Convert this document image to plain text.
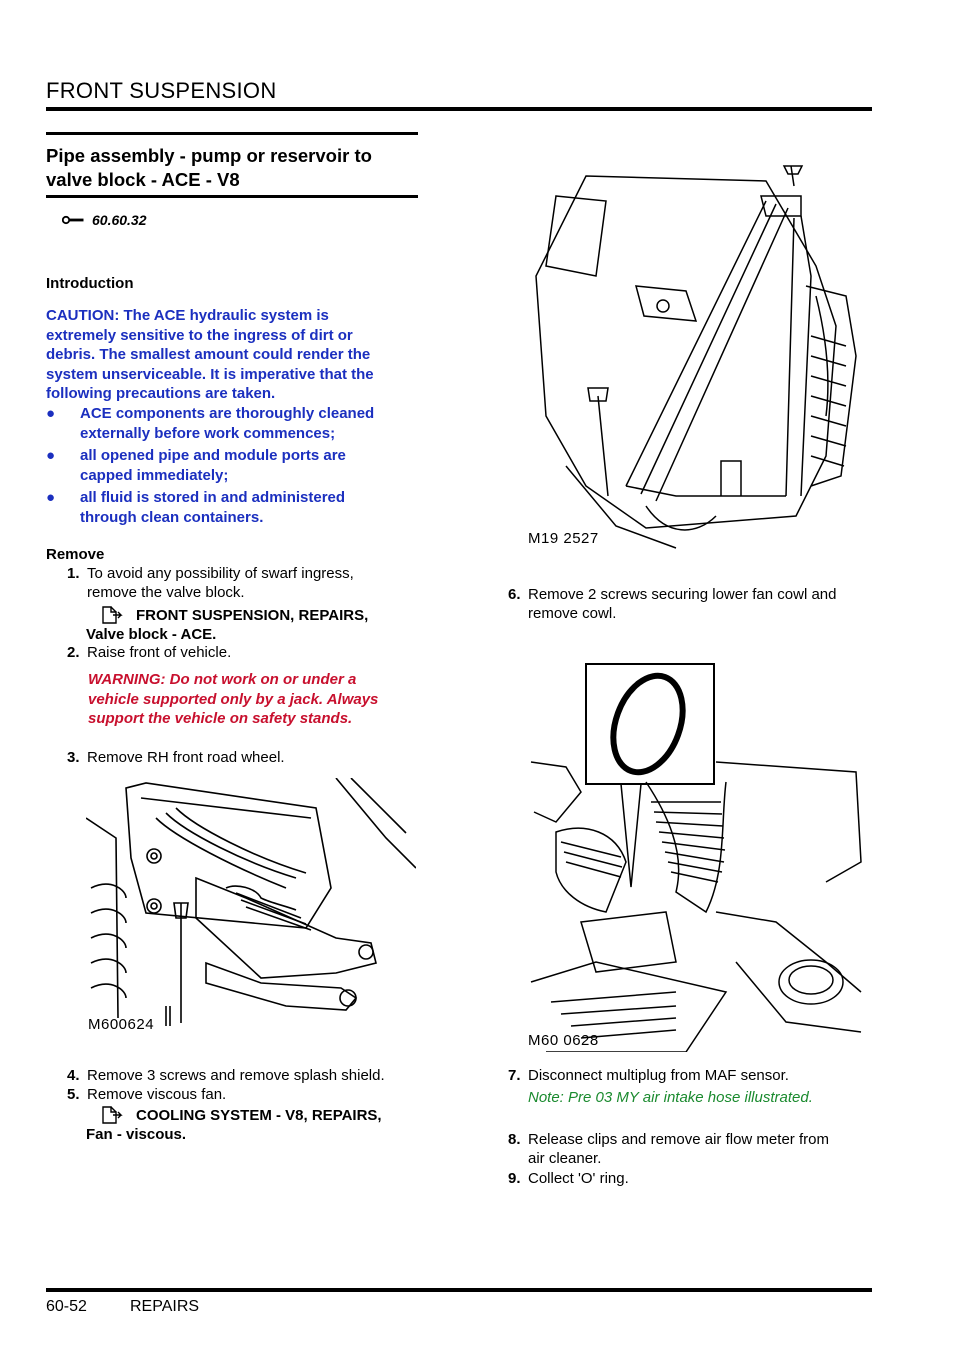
FRONT SUSPENSION
60-52	REPAIRS
Pipe assembly - pump or reservoir to
valve block - ACE - V8
60.60.32
Introduction
CAUTION: The ACE hydraulic system is
extremely sensitive to the ingress of dirt or
debris. The smallest amount could render the
system unserviceable. It is imperative that the
following precautions are taken.
●	ACE components are thoroughly cleaned
externally before work commences;
●	all opened pipe and module ports are
capped immediately;
●	all fluid is stored in and administered
through clean containers.
Remove
1. To avoid any possibility of swarf ingress,
remove the valve block.
FRONT SUSPENSION, REPAIRS,
Valve block - ACE.
2. Raise front of vehicle.
WARNING: Do not work on or under a
vehicle supported only by a jack. Always
support the vehicle on safety stands.
3. Remove RH front road wheel.
M600624
4. Remove 3 screws and remove splash shield.
5. Remove viscous fan.
COOLING SYSTEM - V8, REPAIRS,
Fan - viscous.
M19 2527
6. Remove 2 screws securing lower fan cowl and
remove cowl.
M60 0628
7. Disconnect multiplug from MAF sensor.
Note: Pre 03 MY air intake hose illustrated.
8. Release clips and remove air flow meter from
air cleaner.
9. Collect 'O' ring.
